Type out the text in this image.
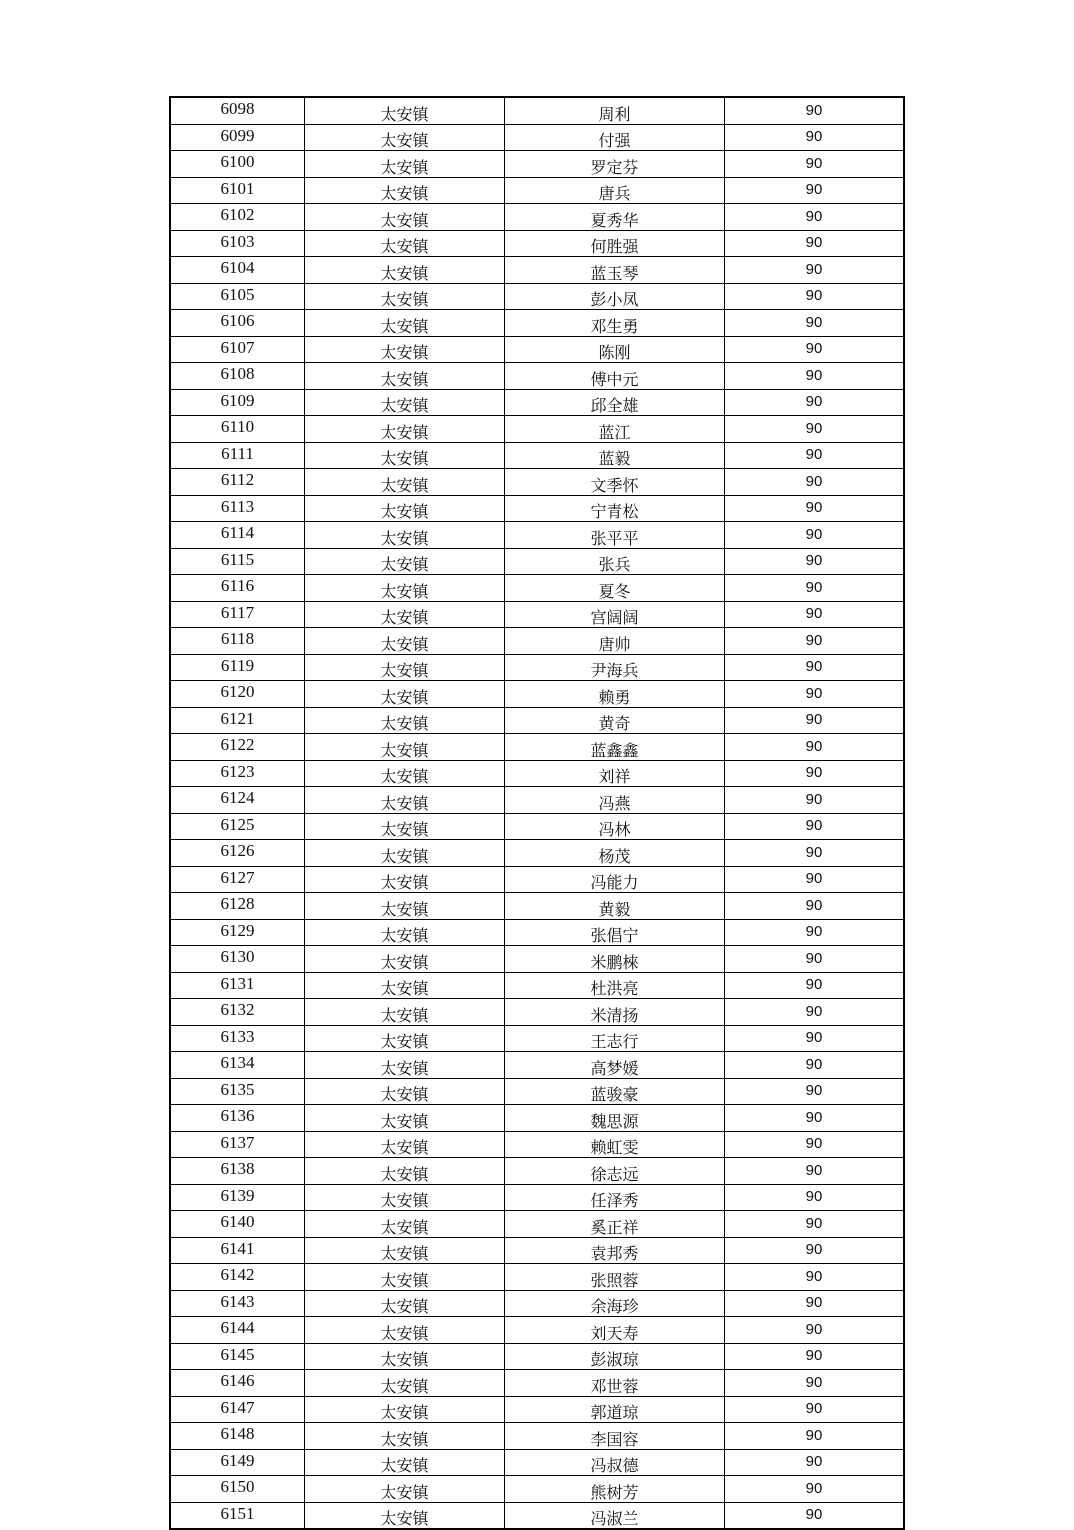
6098	太安镇	周利	90
6099	太安镇	付强	90
6100	太安镇	罗定芬	90
6101	太安镇	唐兵	90
6102	太安镇	夏秀华	90
6103	太安镇	何胜强	90
6104	太安镇	蓝玉琴	90
6105	太安镇	彭小凤	90
6106	太安镇	邓生勇	90
6107	太安镇	陈刚	90
6108	太安镇	傅中元	90
6109	太安镇	邱全雄	90
6110	太安镇	蓝江	90
6111	太安镇	蓝毅	90
6112	太安镇	文季怀	90
6113	太安镇	宁青松	90
6114	太安镇	张平平	90
6115	太安镇	张兵	90
6116	太安镇	夏冬	90
6117	太安镇	宫阔阔	90
6118	太安镇	唐帅	90
6119	太安镇	尹海兵	90
6120	太安镇	赖勇	90
6121	太安镇	黄奇	90
6122	太安镇	蓝鑫鑫	90
6123	太安镇	刘祥	90
6124	太安镇	冯燕	90
6125	太安镇	冯林	90
6126	太安镇	杨茂	90
6127	太安镇	冯能力	90
6128	太安镇	黄毅	90
6129	太安镇	张倡宁	90
6130	太安镇	米鹏棶	90
6131	太安镇	杜洪亮	90
6132	太安镇	米清扬	90
6133	太安镇	王志行	90
6134	太安镇	高梦媛	90
6135	太安镇	蓝骏豪	90
6136	太安镇	魏思源	90
6137	太安镇	赖虹雯	90
6138	太安镇	徐志远	90
6139	太安镇	任泽秀	90
6140	太安镇	奚正祥	90
6141	太安镇	袁邦秀	90
6142	太安镇	张照蓉	90
6143	太安镇	余海珍	90
6144	太安镇	刘天寿	90
6145	太安镇	彭淑琼	90
6146	太安镇	邓世蓉	90
6147	太安镇	郭道琼	90
6148	太安镇	李国容	90
6149	太安镇	冯叔德	90
6150	太安镇	熊树芳	90
6151	太安镇	冯淑兰	90
